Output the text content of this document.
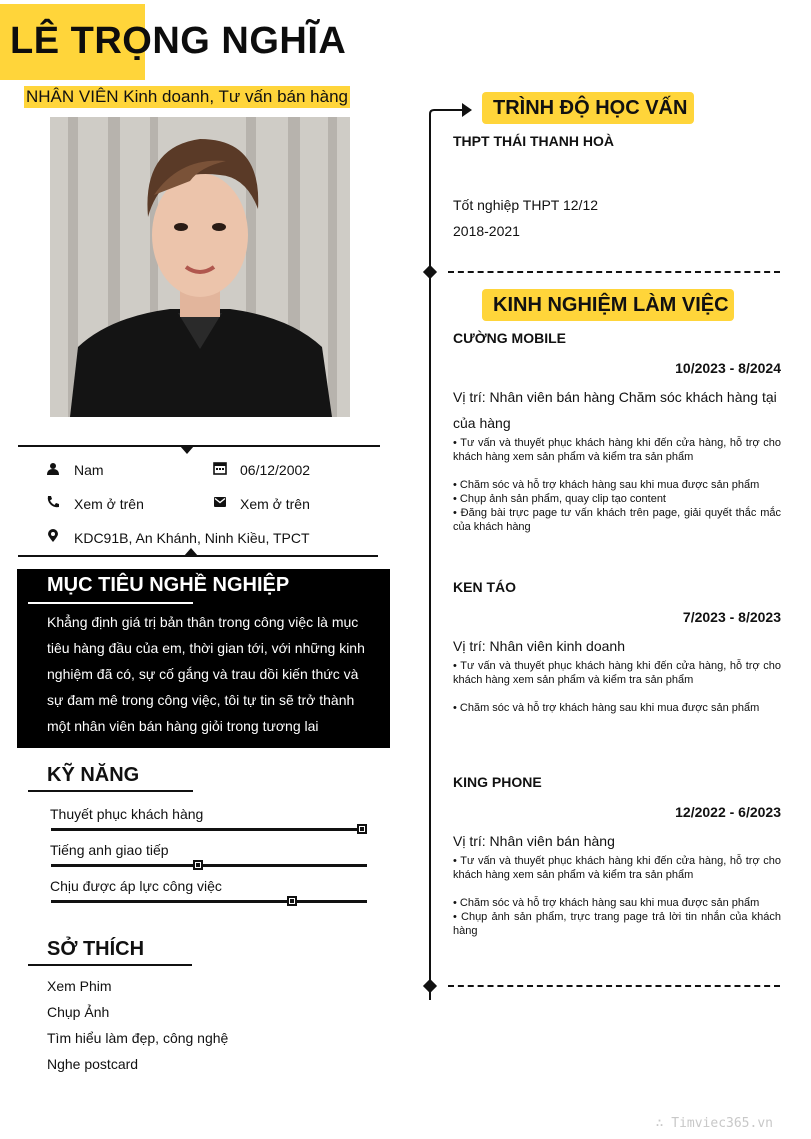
LÊ TRỌNG NGHĨA
NHÂN VIÊN Kinh doanh, Tư vấn bán hàng
Nam	06/12/2002
Xem ở trên	Xem ở trên
KDC91B, An Khánh, Ninh Kiều, TPCT
MỤC TIÊU NGHỀ NGHIỆP
Khẳng định giá trị bản thân trong công việc là mục tiêu hàng đầu của em, thời gian tới, với những kinh nghiệm đã có, sự cố gắng và trau dồi kiến thức và sự đam mê trong công việc, tôi tự tin sẽ trở thành một nhân viên bán hàng giỏi trong tương lai
KỸ NĂNG
Thuyết phục khách hàng
Tiếng anh giao tiếp
Chịu được áp lực công việc
SỞ THÍCH
Xem Phim
Chụp Ảnh
Tìm hiểu làm đẹp, công nghệ
Nghe postcard
TRÌNH ĐỘ HỌC VẤN
THPT THÁI THANH HOÀ
Tốt nghiệp THPT 12/12
2018-2021
KINH NGHIỆM LÀM VIỆC
CƯỜNG MOBILE
10/2023 - 8/2024
Vị trí: Nhân viên bán hàng Chăm sóc khách hàng tại của hàng
• Tư vấn và thuyết phục khách hàng khi đến cửa hàng, hỗ trợ cho khách hàng xem sản phẩm và kiểm tra sản phẩm
• Chăm sóc và hỗ trợ khách hàng sau khi mua được sản phẩm
• Chụp ảnh sản phẩm, quay clip tạo content
• Đăng bài trực page tư vấn khách trên page, giải quyết thắc mắc của khách hàng
KEN TÁO
7/2023 - 8/2023
Vị trí: Nhân viên kinh doanh
• Tư vấn và thuyết phục khách hàng khi đến cửa hàng, hỗ trợ cho khách hàng xem sản phẩm và kiểm tra sản phẩm
• Chăm sóc và hỗ trợ khách hàng sau khi mua được sản phẩm
KING PHONE
12/2022 - 6/2023
Vị trí: Nhân viên bán hàng
• Tư vấn và thuyết phục khách hàng khi đến cửa hàng, hỗ trợ cho khách hàng xem sản phẩm và kiểm tra sản phẩm
• Chăm sóc và hỗ trợ khách hàng sau khi mua được sản phẩm
• Chụp ảnh sản phẩm, trực trang page trả lời tin nhắn của khách hàng
∴ Timviec365.vn
